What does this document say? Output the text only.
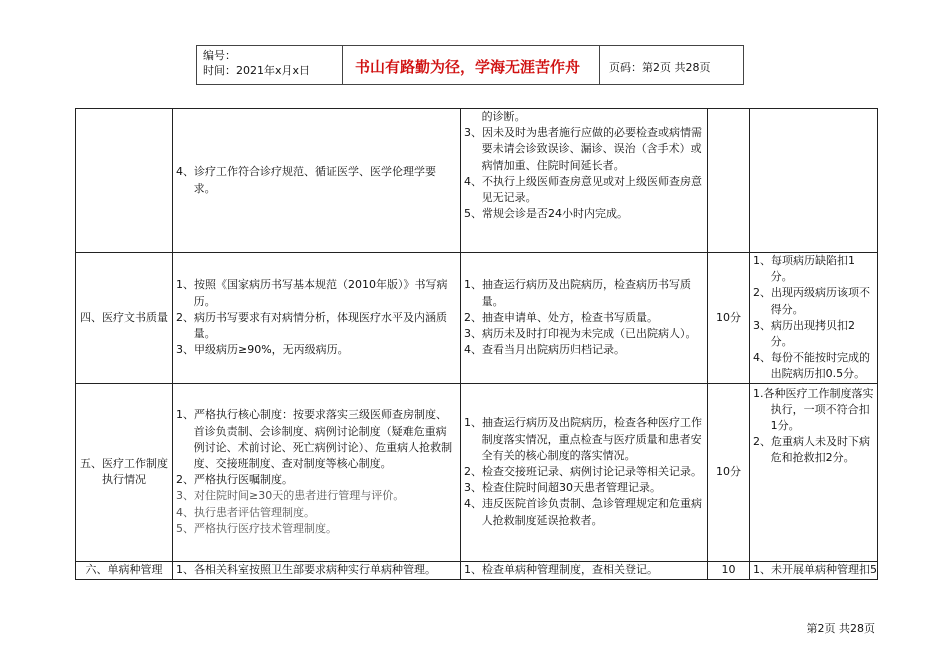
编号：
时间：2021年x月x日	书山有路勤为径，学海无涯苦作舟	页码：第2页 共28页

	4、诊疗工作符合诊疗规范、循证医学、医学伦理学要求。	的诊断。
3、因未及时为患者施行应做的必要检查或病情需要未请会诊致误诊、漏诊、误治（含手术）或病情加重、住院时间延长者。
4、不执行上级医师查房意见或对上级医师查房意见无记录。
5、常规会诊是否24小时内完成。		

四、医疗文书质量	1、按照《国家病历书写基本规范（2010年版）》书写病历。
2、病历书写要求有对病情分析，体现医疗水平及内涵质量。
3、甲级病历≥90%，无丙级病历。	1、抽查运行病历及出院病历，检查病历书写质量。
2、抽查申请单、处方，检查书写质量。
3、病历未及时打印视为未完成（已出院病人）。
4、查看当月出院病历归档记录。	10分	1、每项病历缺陷扣1分。
2、出现丙级病历该项不得分。
3、病历出现拷贝扣2分。
4、每份不能按时完成的出院病历扣0.5分。

五、医疗工作制度执行情况	1、严格执行核心制度：按要求落实三级医师查房制度、首诊负责制、会诊制度、病例讨论制度（疑难危重病例讨论、术前讨论、死亡病例讨论）、危重病人抢救制度、交接班制度、查对制度等核心制度。
2、严格执行医嘱制度。
3、对住院时间≥30天的患者进行管理与评价。
4、执行患者评估管理制度。
5、严格执行医疗技术管理制度。	1、抽查运行病历及出院病历，检查各种医疗工作制度落实情况，重点检查与医疗质量和患者安全有关的核心制度的落实情况。
2、检查交接班记录、病例讨论记录等相关记录。
3、检查住院时间超30天患者管理记录。
4、违反医院首诊负责制、急诊管理规定和危重病人抢救制度延误抢救者。	10分	1.各种医疗工作制度落实执行，一项不符合扣1分。
2、危重病人未及时下病危和抢救扣2分。

六、单病种管理	1、各相关科室按照卫生部要求病种实行单病种管理。	1、检查单病种管理制度，查相关登记。	10	1、未开展单病种管理扣5
第2页 共28页
